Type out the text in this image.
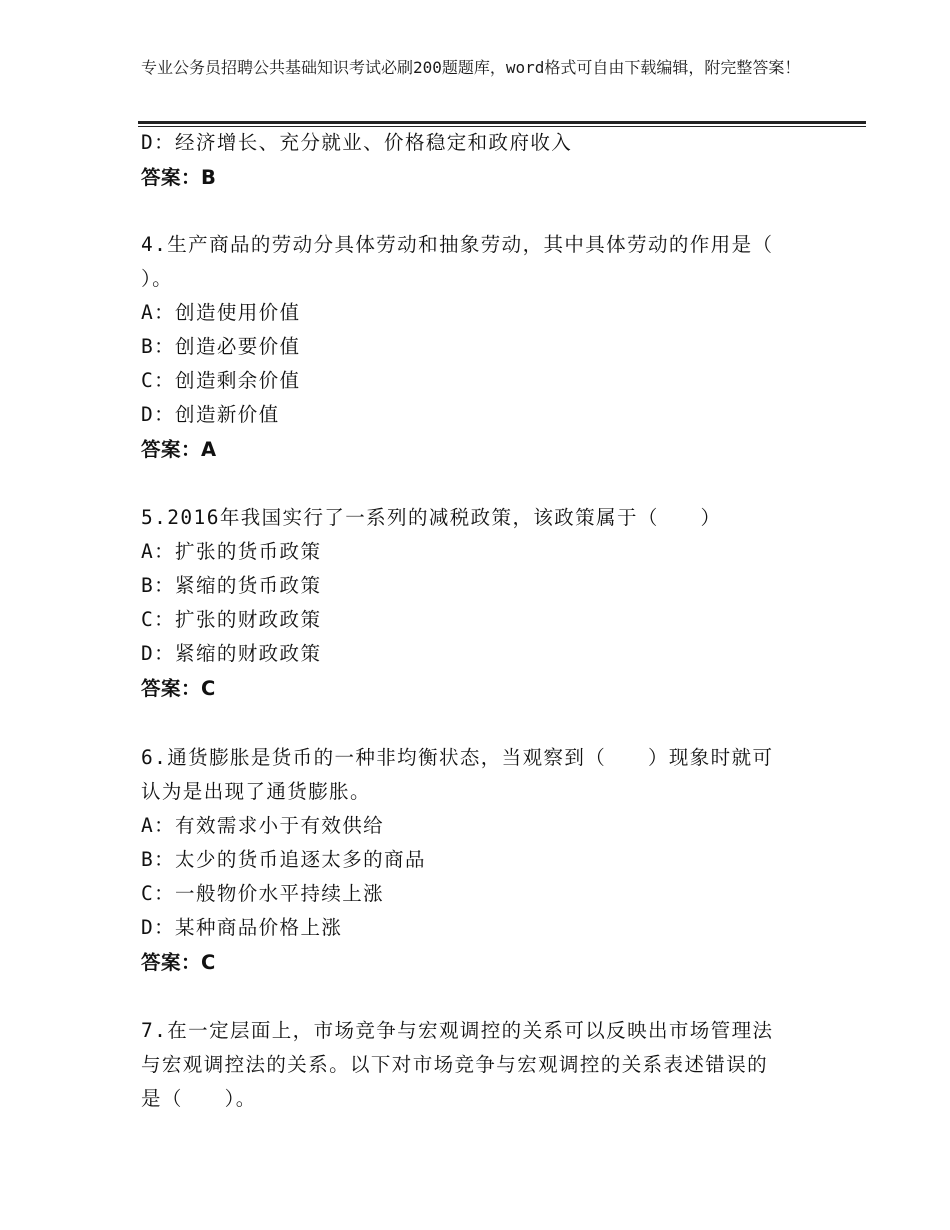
专业公务员招聘公共基础知识考试必刷200题题库，word格式可自由下载编辑，附完整答案！
D：经济增长、充分就业、价格稳定和政府收入
答案：B
4.生产商品的劳动分具体劳动和抽象劳动，其中具体劳动的作用是（
）。
A：创造使用价值
B：创造必要价值
C：创造剩余价值
D：创造新价值
答案：A
5.2016年我国实行了一系列的减税政策，该政策属于（　　）
A：扩张的货币政策
B：紧缩的货币政策
C：扩张的财政政策
D：紧缩的财政政策
答案：C
6.通货膨胀是货币的一种非均衡状态，当观察到（　　）现象时就可
认为是出现了通货膨胀。
A：有效需求小于有效供给
B：太少的货币追逐太多的商品
C：一般物价水平持续上涨
D：某种商品价格上涨
答案：C
7.在一定层面上，市场竞争与宏观调控的关系可以反映出市场管理法
与宏观调控法的关系。以下对市场竞争与宏观调控的关系表述错误的
是（　　）。
